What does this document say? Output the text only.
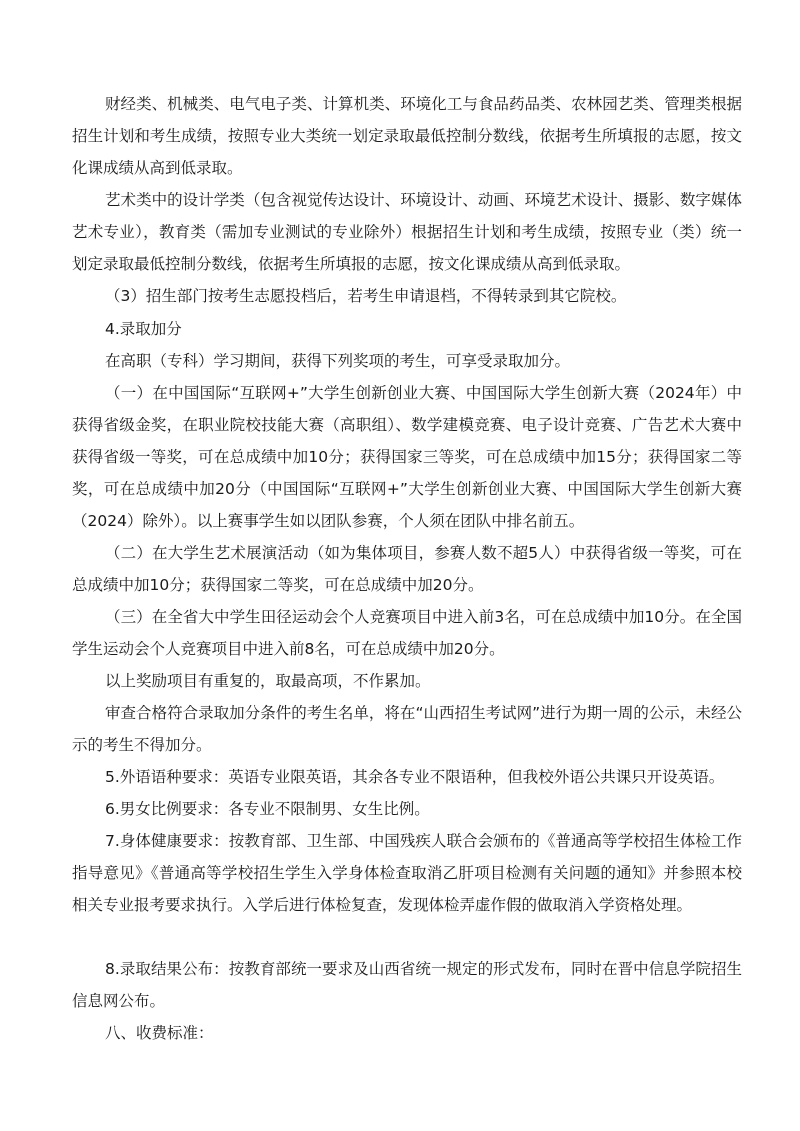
财经类、机械类、电气电子类、计算机类、环境化工与食品药品类、农林园艺类、管理类根据招生计划和考生成绩，按照专业大类统一划定录取最低控制分数线，依据考生所填报的志愿，按文化课成绩从高到低录取。

艺术类中的设计学类（包含视觉传达设计、环境设计、动画、环境艺术设计、摄影、数字媒体艺术专业），教育类（需加专业测试的专业除外）根据招生计划和考生成绩，按照专业（类）统一划定录取最低控制分数线，依据考生所填报的志愿，按文化课成绩从高到低录取。

（3）招生部门按考生志愿投档后，若考生申请退档，不得转录到其它院校。

4.录取加分

在高职（专科）学习期间，获得下列奖项的考生，可享受录取加分。

（一）在中国国际“互联网+”大学生创新创业大赛、中国国际大学生创新大赛（2024年）中获得省级金奖，在职业院校技能大赛（高职组）、数学建模竞赛、电子设计竞赛、广告艺术大赛中获得省级一等奖，可在总成绩中加10分；获得国家三等奖，可在总成绩中加15分；获得国家二等奖，可在总成绩中加20分（中国国际“互联网+”大学生创新创业大赛、中国国际大学生创新大赛（2024）除外）。以上赛事学生如以团队参赛，个人须在团队中排名前五。

（二）在大学生艺术展演活动（如为集体项目，参赛人数不超5人）中获得省级一等奖，可在总成绩中加10分；获得国家二等奖，可在总成绩中加20分。

（三）在全省大中学生田径运动会个人竞赛项目中进入前3名，可在总成绩中加10分。在全国学生运动会个人竞赛项目中进入前8名，可在总成绩中加20分。

以上奖励项目有重复的，取最高项，不作累加。

审查合格符合录取加分条件的考生名单，将在“山西招生考试网”进行为期一周的公示，未经公示的考生不得加分。

5.外语语种要求：英语专业限英语，其余各专业不限语种，但我校外语公共课只开设英语。

6.男女比例要求：各专业不限制男、女生比例。

7.身体健康要求：按教育部、卫生部、中国残疾人联合会颁布的《普通高等学校招生体检工作指导意见》《普通高等学校招生学生入学身体检查取消乙肝项目检测有关问题的通知》并参照本校相关专业报考要求执行。入学后进行体检复查，发现体检弄虚作假的做取消入学资格处理。

8.录取结果公布：按教育部统一要求及山西省统一规定的形式发布，同时在晋中信息学院招生信息网公布。

八、收费标准：
